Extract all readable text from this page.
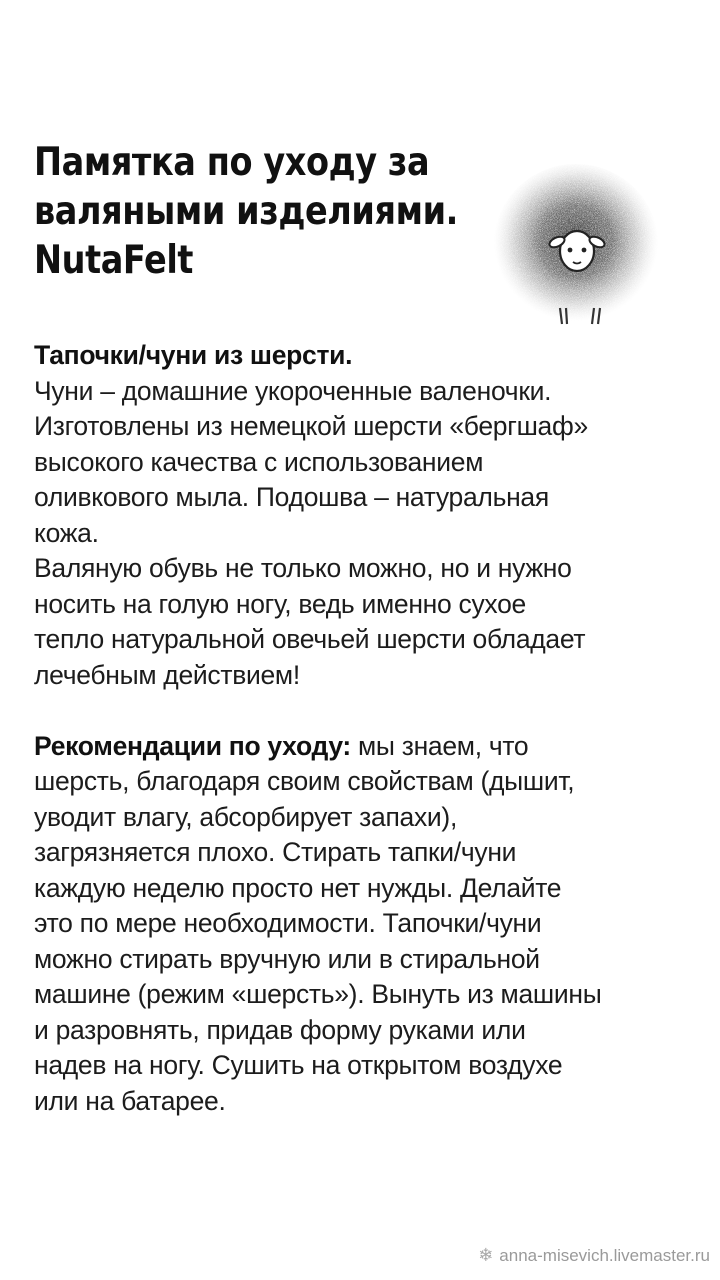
Памятка по уходу за
валяными изделиями.
NutaFelt
Тапочки/чуни из шерсти.
Чуни – домашние укороченные валеночки.
Изготовлены из немецкой шерсти «бергшаф»
высокого качества с использованием
оливкового мыла. Подошва – натуральная
кожа.
Валяную обувь не только можно, но и нужно
носить на голую ногу, ведь именно сухое
тепло натуральной овечьей шерсти обладает
лечебным действием!
Рекомендации по уходу: мы знаем, что
шерсть, благодаря своим свойствам (дышит,
уводит влагу, абсорбирует запахи),
загрязняется плохо. Стирать тапки/чуни
каждую неделю просто нет нужды. Делайте
это по мере необходимости. Тапочки/чуни
можно стирать вручную или в стиральной
машине (режим «шерсть»). Вынуть из машины
и разровнять, придав форму руками или
надев на ногу. Сушить на открытом воздухе
или на батарее.
❄ anna-misevich.livemaster.ru
